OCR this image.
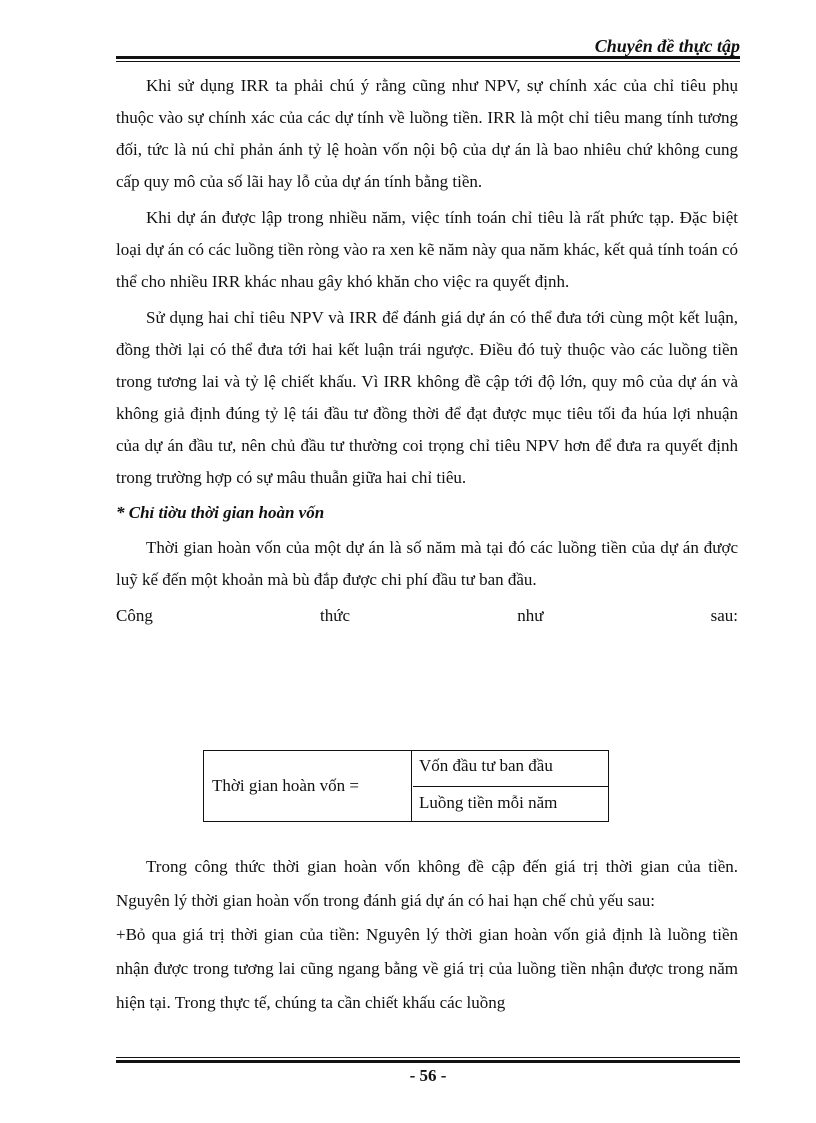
Chuyên đề thực tập

Khi sử dụng IRR ta phải chú ý rằng cũng như NPV, sự chính xác của chỉ tiêu phụ thuộc vào sự chính xác của các dự tính về luồng tiền. IRR là một chỉ tiêu mang tính tương đối, tức là nú chỉ phản ánh tỷ lệ hoàn vốn nội bộ của dự án là bao nhiêu chứ không cung cấp quy mô của số lãi hay lỗ của dự án tính bằng tiền.

Khi dự án được lập trong nhiều năm, việc tính toán chỉ tiêu là rất phức tạp. Đặc biệt loại dự án có các luồng tiền ròng vào ra xen kẽ năm này qua năm khác, kết quả tính toán có thể cho nhiều IRR khác nhau gây khó khăn cho việc ra quyết định.

Sử dụng hai chỉ tiêu NPV và IRR để đánh giá dự án có thể đưa tới cùng một kết luận, đồng thời lại có thể đưa tới hai kết luận trái ngược. Điều đó tuỳ thuộc vào các luồng tiền trong tương lai và tỷ lệ chiết khấu. Vì IRR không đề cập tới độ lớn, quy mô của dự án và không giả định đúng tỷ lệ tái đầu tư đồng thời để đạt được mục tiêu tối đa húa lợi nhuận của dự án đầu tư, nên chủ đầu tư thường coi trọng chỉ tiêu NPV hơn để đưa ra quyết định trong trường hợp có sự mâu thuẫn giữa hai chỉ tiêu.

* Chỉ tiờu thời gian hoàn vốn

Thời gian hoàn vốn của một dự án là số năm mà tại đó các luồng tiền của dự án được luỹ kế đến một khoản mà bù đắp được chi phí đầu tư ban đầu.

Công	thức	như	sau:
Thời gian hoàn vốn =
Vốn đầu tư ban đầu
Luồng tiền mỗi năm

Trong công thức thời gian hoàn vốn không đề cập đến giá trị thời gian của tiền. Nguyên lý thời gian hoàn vốn trong đánh giá dự án có hai hạn chế chủ yếu sau:

+Bỏ qua giá trị thời gian của tiền: Nguyên lý thời gian hoàn vốn giả định là luồng tiền nhận được trong tương lai cũng ngang bằng về giá trị của luồng tiền nhận được trong năm hiện tại. Trong thực tế, chúng ta cần chiết khấu các luồng

- 56 -
